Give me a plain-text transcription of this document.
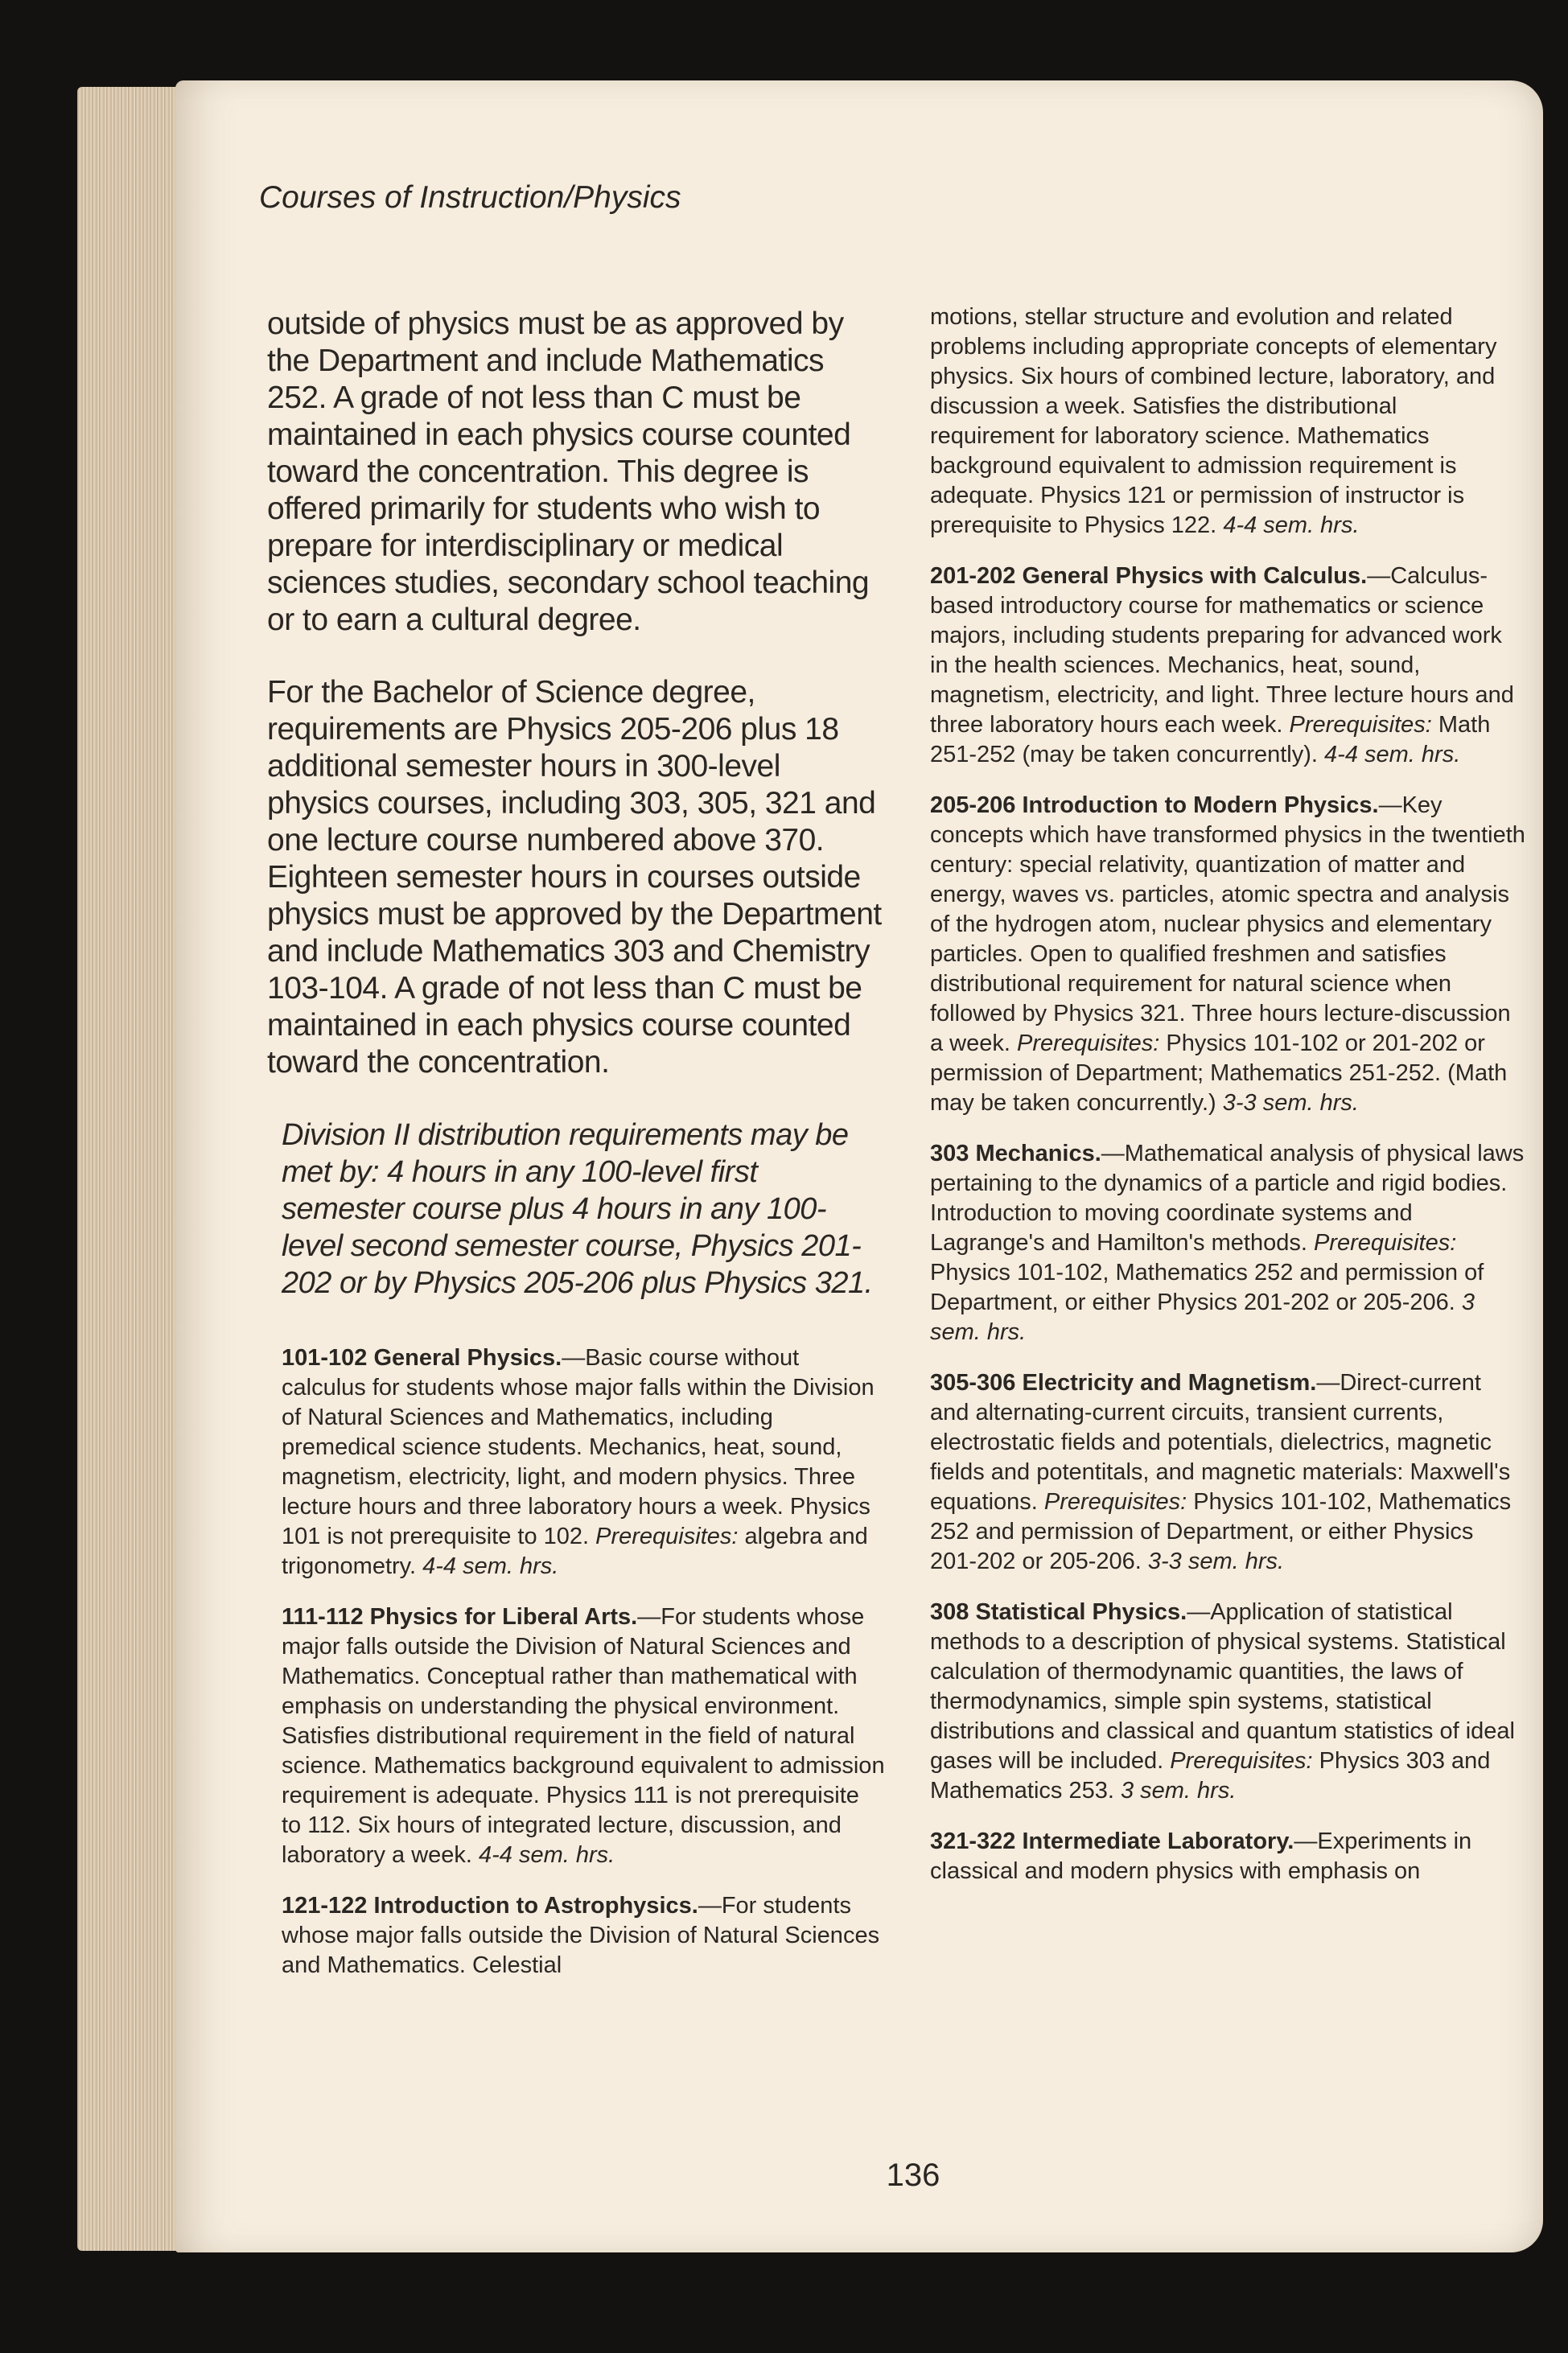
Courses of Instruction/Physics

outside of physics must be as approved by the Department and include Mathematics 252. A grade of not less than C must be maintained in each physics course counted toward the concentration. This degree is offered primarily for students who wish to prepare for interdisciplinary or medical sciences studies, secondary school teaching or to earn a cultural degree.

For the Bachelor of Science degree, requirements are Physics 205-206 plus 18 additional semester hours in 300-level physics courses, including 303, 305, 321 and one lecture course numbered above 370. Eighteen semester hours in courses outside physics must be approved by the Department and include Mathematics 303 and Chemistry 103-104. A grade of not less than C must be maintained in each physics course counted toward the concentration.

Division II distribution requirements may be met by: 4 hours in any 100-level first semester course plus 4 hours in any 100-level second semester course, Physics 201-202 or by Physics 205-206 plus Physics 321.

101-102 General Physics.—Basic course without calculus for students whose major falls within the Division of Natural Sciences and Mathematics, including premedical science students. Mechanics, heat, sound, magnetism, electricity, light, and modern physics. Three lecture hours and three laboratory hours a week. Physics 101 is not prerequisite to 102. Prerequisites: algebra and trigonometry. 4-4 sem. hrs.

111-112 Physics for Liberal Arts.—For students whose major falls outside the Division of Natural Sciences and Mathematics. Conceptual rather than mathematical with emphasis on understanding the physical environment. Satisfies distributional requirement in the field of natural science. Mathematics background equivalent to admission requirement is adequate. Physics 111 is not prerequisite to 112. Six hours of integrated lecture, discussion, and laboratory a week. 4-4 sem. hrs.

121-122 Introduction to Astrophysics.—For students whose major falls outside the Division of Natural Sciences and Mathematics. Celestial

motions, stellar structure and evolution and related problems including appropriate concepts of elementary physics. Six hours of combined lecture, laboratory, and discussion a week. Satisfies the distributional requirement for laboratory science. Mathematics background equivalent to admission requirement is adequate. Physics 121 or permission of instructor is prerequisite to Physics 122. 4-4 sem. hrs.

201-202 General Physics with Calculus.—Calculus-based introductory course for mathematics or science majors, including students preparing for advanced work in the health sciences. Mechanics, heat, sound, magnetism, electricity, and light. Three lecture hours and three laboratory hours each week. Prerequisites: Math 251-252 (may be taken concurrently). 4-4 sem. hrs.

205-206 Introduction to Modern Physics.—Key concepts which have transformed physics in the twentieth century: special relativity, quantization of matter and energy, waves vs. particles, atomic spectra and analysis of the hydrogen atom, nuclear physics and elementary particles. Open to qualified freshmen and satisfies distributional requirement for natural science when followed by Physics 321. Three hours lecture-discussion a week. Prerequisites: Physics 101-102 or 201-202 or permission of Department; Mathematics 251-252. (Math may be taken concurrently.) 3-3 sem. hrs.

303 Mechanics.—Mathematical analysis of physical laws pertaining to the dynamics of a particle and rigid bodies. Introduction to moving coordinate systems and Lagrange's and Hamilton's methods. Prerequisites: Physics 101-102, Mathematics 252 and permission of Department, or either Physics 201-202 or 205-206. 3 sem. hrs.

305-306 Electricity and Magnetism.—Direct-current and alternating-current circuits, transient currents, electrostatic fields and potentials, dielectrics, magnetic fields and potentitals, and magnetic materials: Maxwell's equations. Prerequisites: Physics 101-102, Mathematics 252 and permission of Department, or either Physics 201-202 or 205-206. 3-3 sem. hrs.

308 Statistical Physics.—Application of statistical methods to a description of physical systems. Statistical calculation of thermodynamic quantities, the laws of thermodynamics, simple spin systems, statistical distributions and classical and quantum statistics of ideal gases will be included. Prerequisites: Physics 303 and Mathematics 253. 3 sem. hrs.

321-322 Intermediate Laboratory.—Experiments in classical and modern physics with emphasis on

136
